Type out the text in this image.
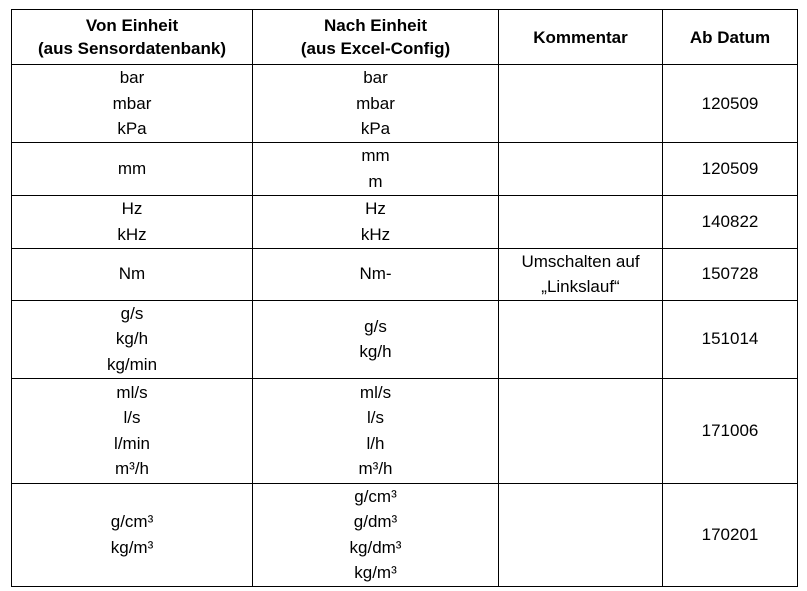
Von Einheit
(aus Sensordatenbank)	Nach Einheit
(aus Excel-Config)	Kommentar	Ab Datum

bar
mbar
kPa	bar
mbar
kPa		120509

mm	mm
m		120509

Hz
kHz	Hz
kHz		140822

Nm	Nm-	Umschalten auf
„Linkslauf“	150728

g/s
kg/h
kg/min	g/s
kg/h		151014

ml/s
l/s
l/min
m³/h	ml/s
l/s
l/h
m³/h		171006

g/cm³
kg/m³	g/cm³
g/dm³
kg/dm³
kg/m³		170201
